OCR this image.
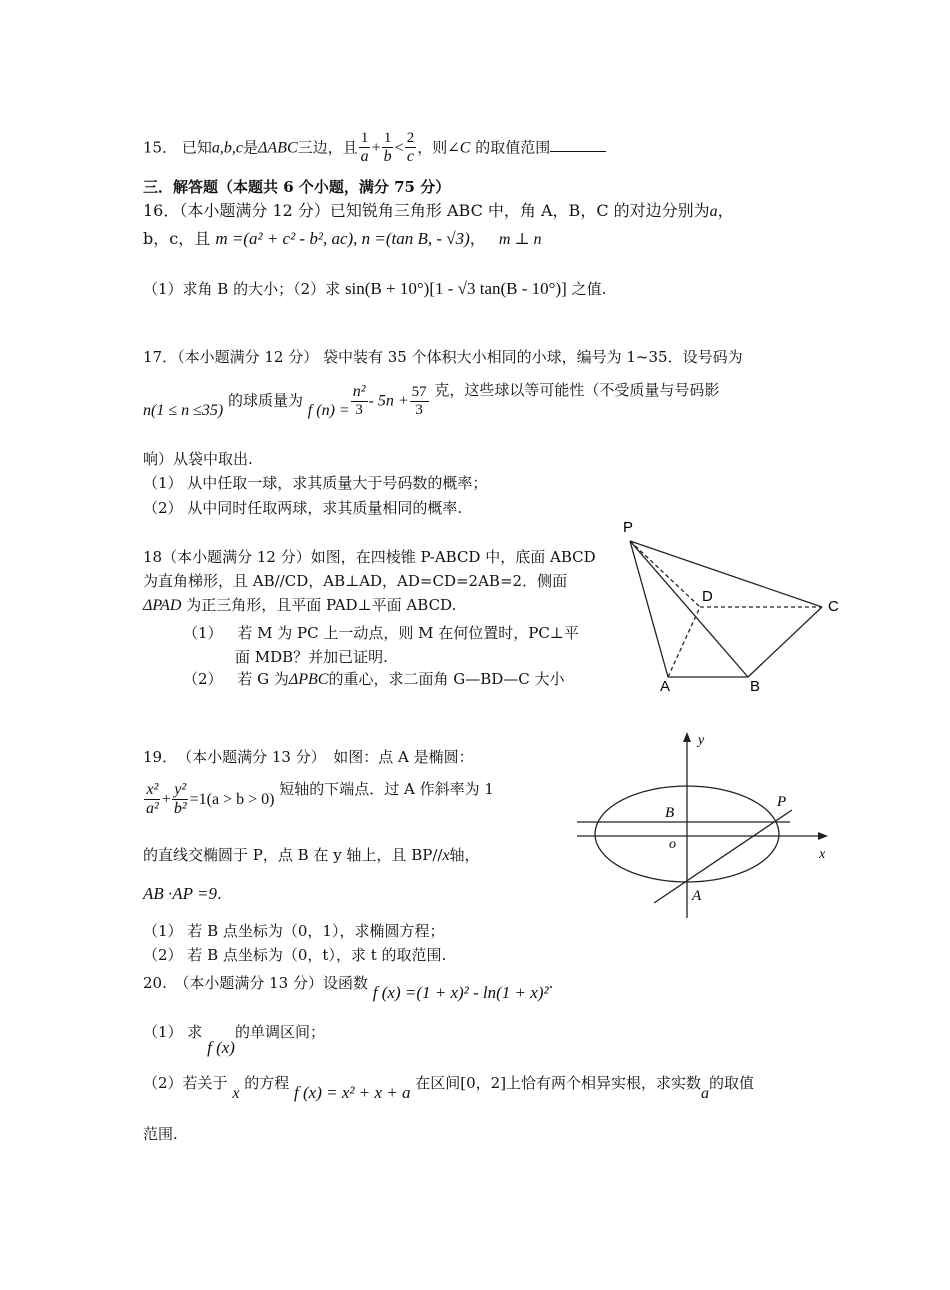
15． 已知a,b,c是ΔABC三边，且 $\frac{1}{a} + \frac{1}{b} < \frac{2}{c}$ ，则∠C 的取值范围
三．解答题（本题共 6 个小题，满分 75 分）
16．（本小题满分 12 分）已知锐角三角形 ABC 中，角 A，B，C 的对边分别为a，
b，c，且 m =(a² + c² - b², ac), n =(tan B, - √3)， m ⊥ n
（1）求角 B 的大小；（2）求 sin(B + 10°)[1 - √3 tan(B - 10°)] 之值.
17．（本小题满分 12 分） 袋中装有 35 个体积大小相同的小球，编号为 1~35．设号码为
n(1 ≤ n ≤35) 的球质量为 f $(n) = \frac{\text{n²}}{3} - 5n + \frac{57}{3}$ 克，这些球以等可能性（不受质量与号码影
响）从袋中取出.
（1） 从中任取一球，求其质量大于号码数的概率；
（2） 从中同时任取两球，求其质量相同的概率.
18（本小题满分 12 分）如图，在四棱锥 P-ABCD 中，底面 ABCD
为直角梯形，且 AB//CD，AB⊥AD，AD=CD=2AB=2．侧面
ΔPAD 为正三角形，且平面 PAD⊥平面 ABCD.
（1） 若 M 为 PC 上一动点，则 M 在何位置时，PC⊥平
面 MDB？并加已证明.
（2） 若 G 为ΔPBC的重心，求二面角 G—BD—C 大小
P
D
C
A	B
19．　（本小题满分 13 分）　如图：点 A 是椭圆：
$\frac{\text{x²}}{\text{a²}} + \frac{\text{y²}}{\text{b²}} =1(a > b > 0)$ 短轴的下端点．过 A 作斜率为 1
的直线交椭圆于 P，点 B 在 y 轴上，且 BP//x轴，
AB ·AP =9.
（1） 若 B 点坐标为（0，1），求椭圆方程；
（2） 若 B 点坐标为（0，t），求 t 的取范围.
y
x
B
P
o
A
20.　（本小题满分 13 分）设函数 f (x) =(1 + x)² - ln(1 + x)².
（1） 求 f (x)的单调区间；
（2）若关于 x 的方程 f (x) = x² + x + a 在区间[0，2]上恰有两个相异实根，求实数a的取值
范围.
